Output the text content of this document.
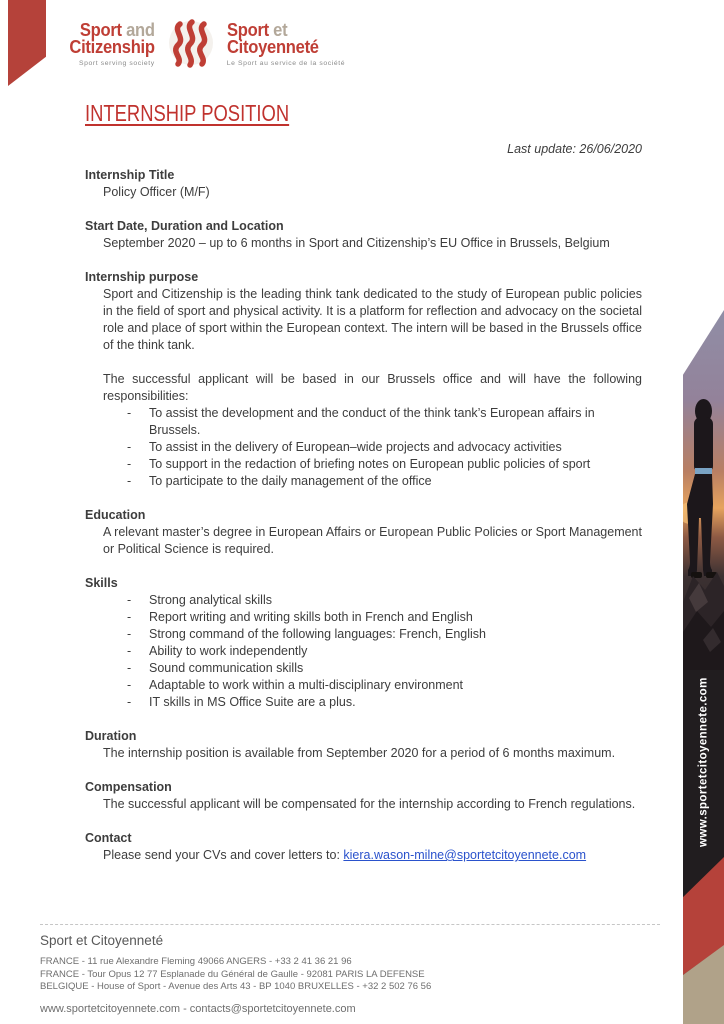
Sport and
Citizenship
Sport serving society
Sport et
Citoyenneté
Le Sport au service de la société
INTERNSHIP POSITION
Last update: 26/06/2020
Internship Title
Policy Officer (M/F)
Start Date, Duration and Location
September 2020 – up to 6 months in Sport and Citizenship’s EU Office in Brussels, Belgium
Internship purpose
Sport and Citizenship is the leading think tank dedicated to the study of European public policies in the field of sport and physical activity. It is a platform for reflection and advocacy on the societal role and place of sport within the European context. The intern will be based in the Brussels office of the think tank.
The successful applicant will be based in our Brussels office and will have the following responsibilities:
- To assist the development and the conduct of the think tank’s European affairs in Brussels.
- To assist in the delivery of European–wide projects and advocacy activities
- To support in the redaction of briefing notes on European public policies of sport
- To participate to the daily management of the office
Education
A relevant master’s degree in European Affairs or European Public Policies or Sport Management or Political Science is required.
Skills
- Strong analytical skills
- Report writing and writing skills both in French and English
- Strong command of the following languages: French, English
- Ability to work independently
- Sound communication skills
- Adaptable to work within a multi-disciplinary environment
- IT skills in MS Office Suite are a plus.
Duration
The internship position is available from September 2020 for a period of 6 months maximum.
Compensation
The successful applicant will be compensated for the internship according to French regulations.
Contact
Please send your CVs and cover letters to: kiera.wason-milne@sportetcitoyennete.com
www.sportetcitoyennete.com
Sport et Citoyenneté
FRANCE - 11 rue Alexandre Fleming 49066 ANGERS - +33 2 41 36 21 96
FRANCE - Tour Opus 12 77 Esplanade du Général de Gaulle - 92081 PARIS LA DEFENSE
BELGIQUE - House of Sport - Avenue des Arts 43 - BP 1040 BRUXELLES - +32 2 502 76 56
www.sportetcitoyennete.com - contacts@sportetcitoyennete.com
